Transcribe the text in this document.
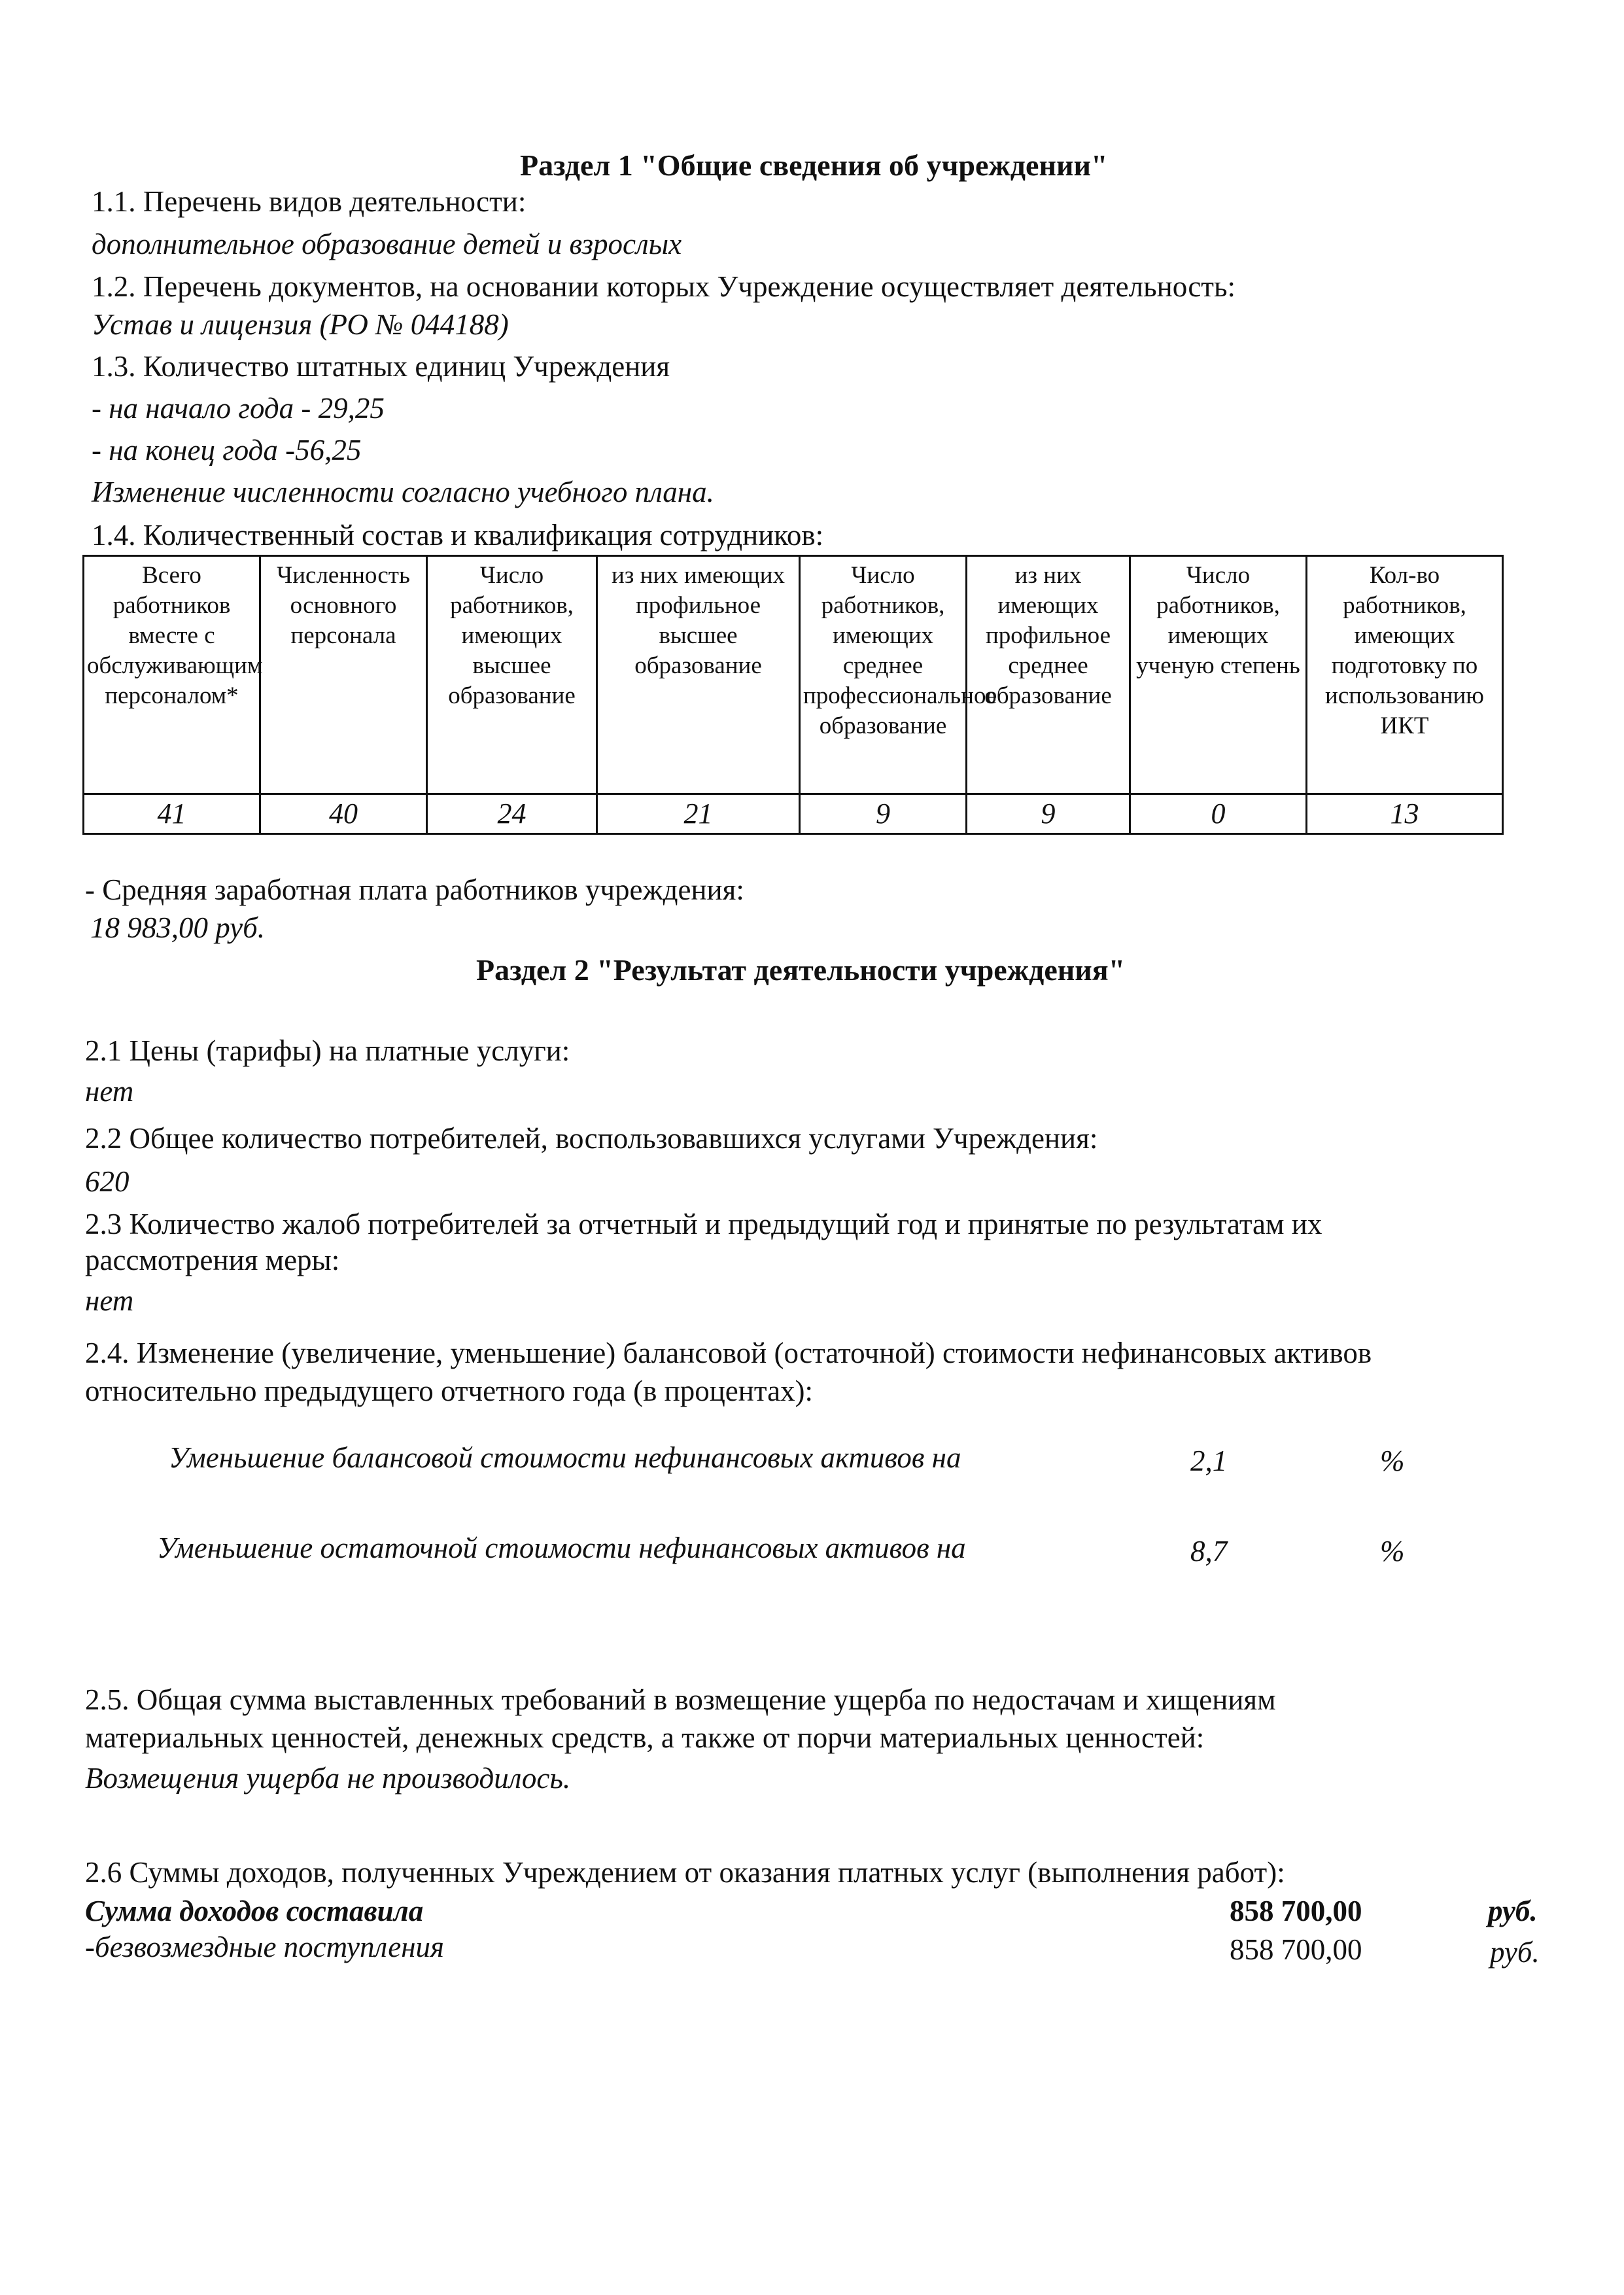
Раздел 1 "Общие сведения об учреждении"
1.1. Перечень видов деятельности:
дополнительное образование детей и взрослых
1.2. Перечень документов, на основании которых Учреждение осуществляет деятельность:
Устав и лицензия (РО № 044188)
1.3. Количество штатных единиц Учреждения
- на начало года - 29,25
- на конец года -56,25
Изменение численности согласно учебного плана.
1.4. Количественный состав и квалификация сотрудников:
Всего работников вместе с обслуживающим персоналом*	Численность основного персонала	Число работников, имеющих высшее образование	из них имеющих профильное высшее образование	Число работников, имеющих среднее профессиональное образование	из них имеющих профильное среднее образование	Число работников, имеющих ученую степень	Кол-во работников, имеющих подготовку по использованию ИКТ
41	40	24	21	9	9	0	13
- Средняя заработная плата работников учреждения:
18 983,00 руб.
Раздел 2 "Результат деятельности учреждения"
2.1 Цены (тарифы) на платные услуги:
нет
2.2 Общее количество потребителей, воспользовавшихся услугами Учреждения:
620
2.3 Количество жалоб потребителей за отчетный и предыдущий год и принятые по результатам их
рассмотрения меры:
нет
2.4. Изменение (увеличение, уменьшение) балансовой (остаточной) стоимости нефинансовых активов
относительно предыдущего отчетного года (в процентах):
Уменьшение балансовой стоимости нефинансовых активов на	2,1	%
Уменьшение остаточной стоимости нефинансовых активов на	8,7	%
2.5. Общая сумма выставленных требований в возмещение ущерба по недостачам и хищениям
материальных ценностей, денежных средств, а также от порчи материальных ценностей:
Возмещения ущерба не производилось.
2.6 Суммы доходов, полученных Учреждением от оказания платных услуг (выполнения работ):
Сумма доходов составила	858 700,00	руб.
-безвозмездные поступления	858 700,00	руб.
